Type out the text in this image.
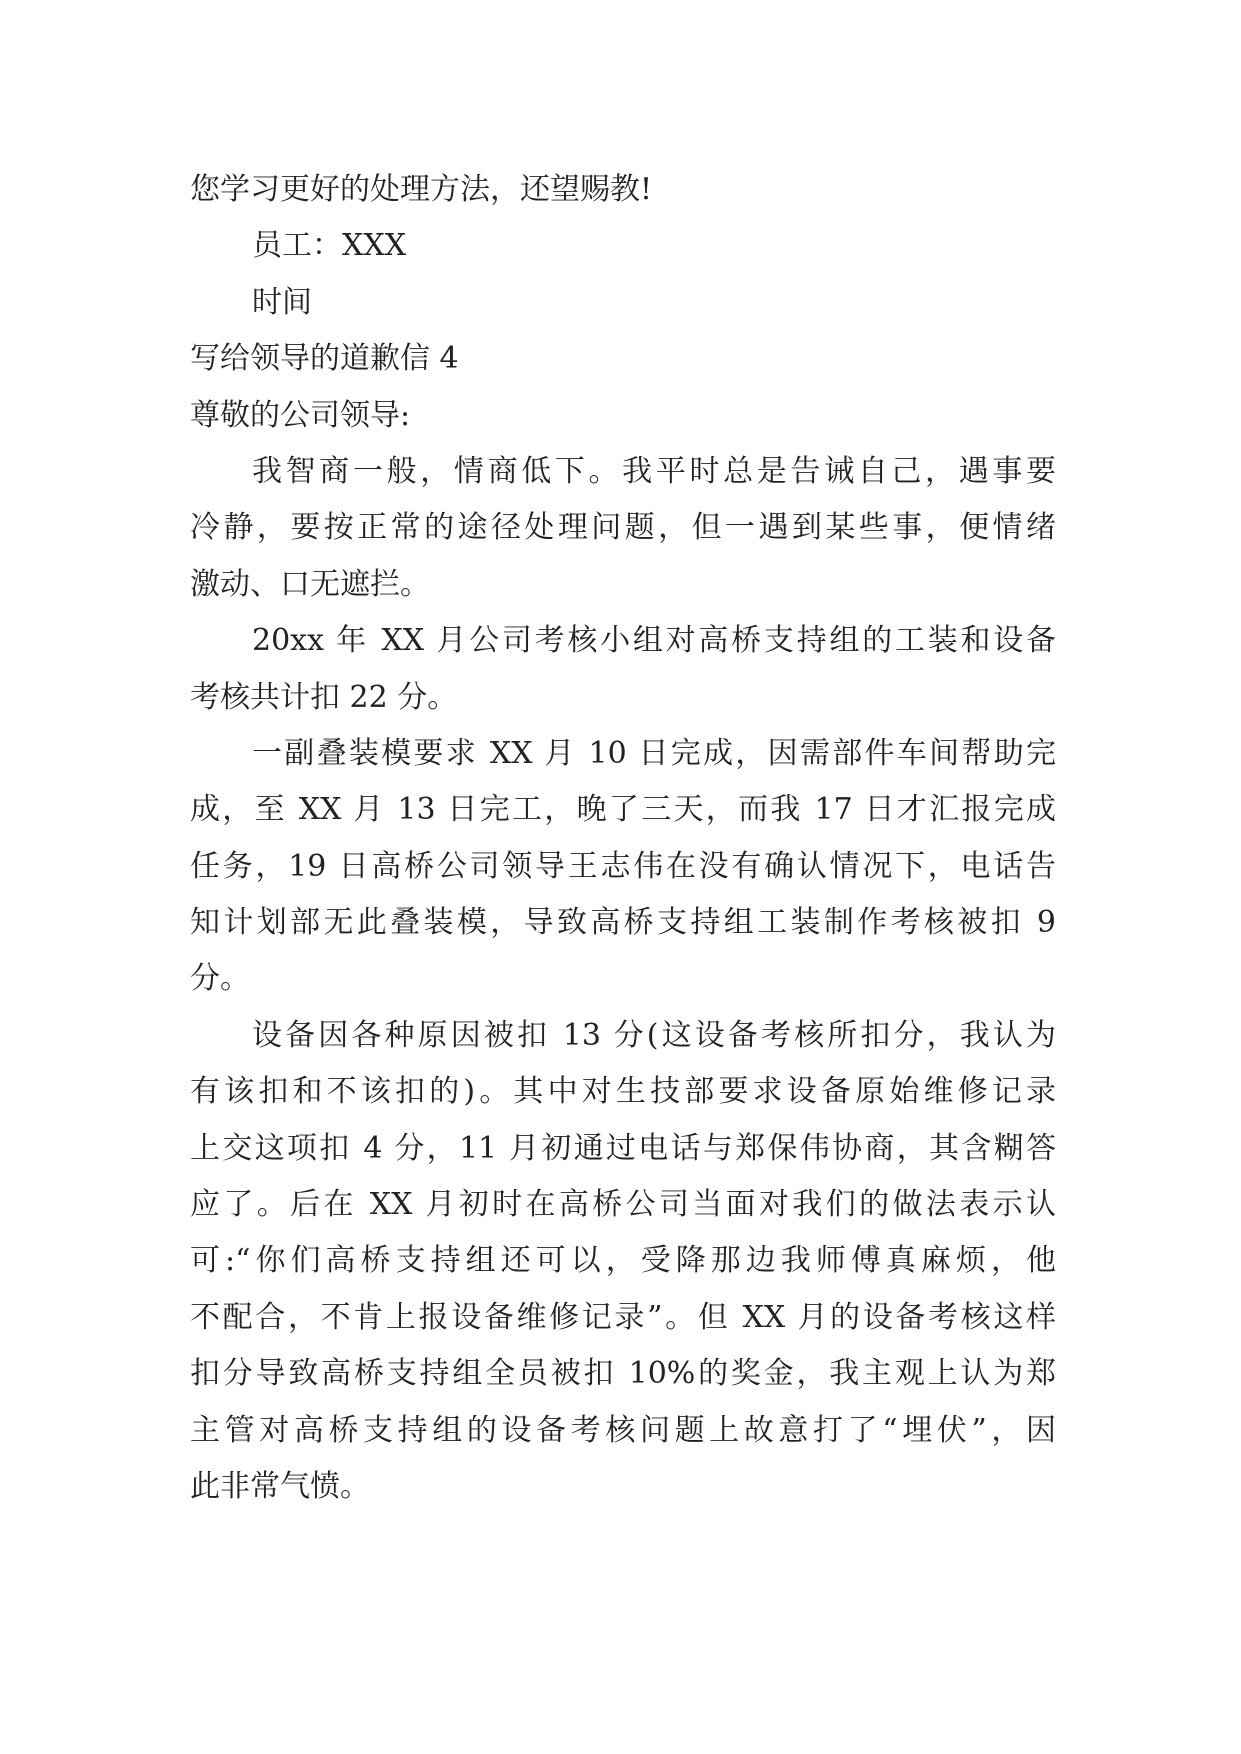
您学习更好的处理方法，还望赐教!
员工：XXX
时间
写给领导的道歉信 4
尊敬的公司领导:
我智商一般，情商低下。我平时总是告诫自己，遇事要
冷静，要按正常的途径处理问题，但一遇到某些事，便情绪
激动、口无遮拦。
20xx 年 XX 月公司考核小组对高桥支持组的工装和设备
考核共计扣 22 分。
一副叠装模要求 XX 月 10 日完成，因需部件车间帮助完
成，至 XX 月 13 日完工，晚了三天，而我 17 日才汇报完成
任务，19 日高桥公司领导王志伟在没有确认情况下，电话告
知计划部无此叠装模，导致高桥支持组工装制作考核被扣 9
分。
设备因各种原因被扣 13 分(这设备考核所扣分，我认为
有该扣和不该扣的)。其中对生技部要求设备原始维修记录
上交这项扣 4 分，11 月初通过电话与郑保伟协商，其含糊答
应了。后在 XX 月初时在高桥公司当面对我们的做法表示认
可:“你们高桥支持组还可以，受降那边我师傅真麻烦，他
不配合，不肯上报设备维修记录”。但 XX 月的设备考核这样
扣分导致高桥支持组全员被扣 10%的奖金，我主观上认为郑
主管对高桥支持组的设备考核问题上故意打了“埋伏”，因
此非常气愤。
